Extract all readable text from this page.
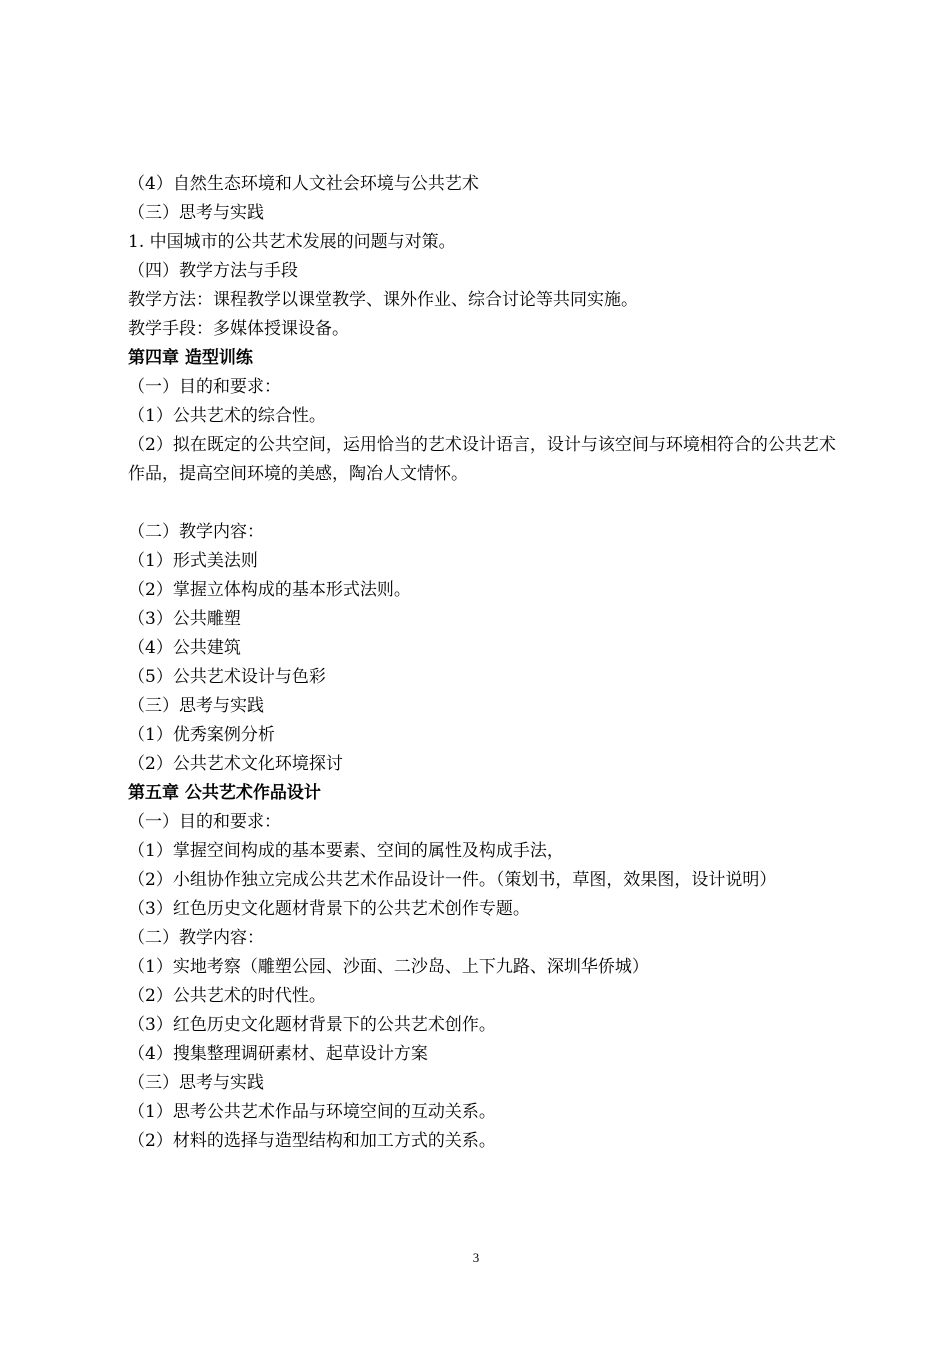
（4）自然生态环境和人文社会环境与公共艺术
（三）思考与实践
1. 中国城市的公共艺术发展的问题与对策。
（四）教学方法与手段
教学方法：课程教学以课堂教学、课外作业、综合讨论等共同实施。
教学手段：多媒体授课设备。
第四章 造型训练
（一）目的和要求：
（1）公共艺术的综合性。
（2）拟在既定的公共空间，运用恰当的艺术设计语言，设计与该空间与环境相符合的公共艺术作品，提高空间环境的美感，陶冶人文情怀。
（二）教学内容：
（1）形式美法则
（2）掌握立体构成的基本形式法则。
（3）公共雕塑
（4）公共建筑
（5）公共艺术设计与色彩
（三）思考与实践
（1）优秀案例分析
（2）公共艺术文化环境探讨
第五章 公共艺术作品设计
（一）目的和要求：
（1）掌握空间构成的基本要素、空间的属性及构成手法，
（2）小组协作独立完成公共艺术作品设计一件。（策划书，草图，效果图，设计说明）
（3）红色历史文化题材背景下的公共艺术创作专题。
（二）教学内容：
（1）实地考察（雕塑公园、沙面、二沙岛、上下九路、深圳华侨城）
（2）公共艺术的时代性。
（3）红色历史文化题材背景下的公共艺术创作。
（4）搜集整理调研素材、起草设计方案
（三）思考与实践
（1）思考公共艺术作品与环境空间的互动关系。
（2）材料的选择与造型结构和加工方式的关系。
3
